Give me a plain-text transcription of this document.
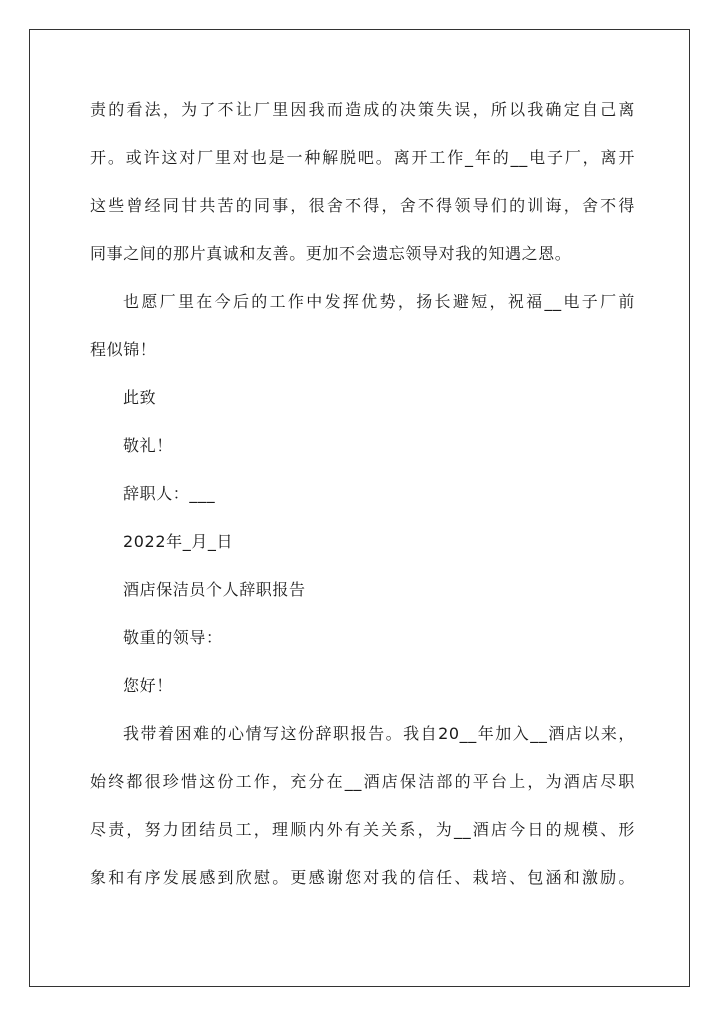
责的看法，为了不让厂里因我而造成的决策失误，所以我确定自己离
开。或许这对厂里对也是一种解脱吧。离开工作_年的__电子厂，离开
这些曾经同甘共苦的同事，很舍不得，舍不得领导们的训诲，舍不得
同事之间的那片真诚和友善。更加不会遗忘领导对我的知遇之恩。
也愿厂里在今后的工作中发挥优势，扬长避短，祝福__电子厂前
程似锦！
此致
敬礼！
辞职人：___
2022年_月_日
酒店保洁员个人辞职报告
敬重的领导：
您好！
我带着困难的心情写这份辞职报告。我自20__年加入__酒店以来，
始终都很珍惜这份工作，充分在__酒店保洁部的平台上，为酒店尽职
尽责，努力团结员工，理顺内外有关关系，为__酒店今日的规模、形
象和有序发展感到欣慰。更感谢您对我的信任、栽培、包涵和激励。
